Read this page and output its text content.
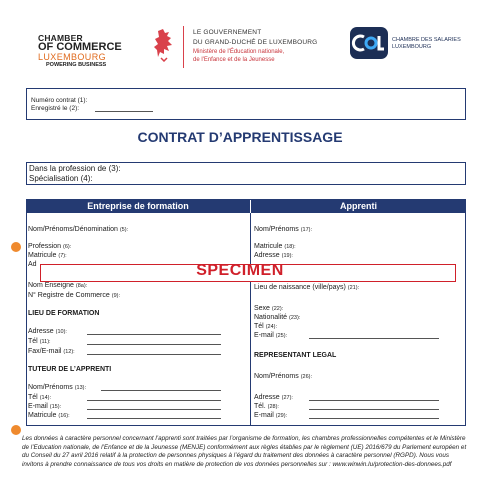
CHAMBER
OF COMMERCE
LUXEMBOURG
POWERING BUSINESS
LE GOUVERNEMENT
DU GRAND-DUCHÉ DE LUXEMBOURG
Ministère de l'Éducation nationale,
de l'Enfance et de la Jeunesse
CHAMBRE DES SALARIES
LUXEMBOURG
Numéro contrat (1):
Enregistré le (2):
CONTRAT D’APPRENTISSAGE
Dans la profession de (3):
Spécialisation (4):
Entreprise de formation	Apprenti
Nom/Prénoms/Dénomination (5):
Profession (6):
Matricule (7):
Ad
Nom Enseigne (8a):
N° Registre de Commerce (9):
LIEU DE FORMATION
Adresse (10):
Tél (11):
Fax/E-mail (12):
TUTEUR DE L’APPRENTI
Nom/Prénoms (13):
Tél (14):
E-mail (15):
Matricule (16):
Nom/Prénoms (17):
Matricule (18):
Adresse (19):
Lieu de naissance (ville/pays) (21):
Sexe (22):
Nationalité (23):
Tél (24):
E-mail (25):
REPRESENTANT LEGAL
Nom/Prénoms (26):
Adresse (27):
Tél. (28):
E-mail (29):
SPECIMEN
Les données à caractère personnel concernant l’apprenti sont traitées par l’organisme de formation, les chambres professionnelles compétentes et le Ministère de l’Education nationale, de l’Enfance et de la Jeunesse (MENJE) conformément aux règles établies par le règlement (UE) 2016/679 du Parlement européen et du Conseil du 27 avril 2016 relatif à la protection de personnes physiques à l’égard du traitement des données à caractère personnel (RGPD). Nous vous invitons à prendre connaissance de tous vos droits en matière de protection de vos données personnelles sur : www.winwin.lu/protection-des-donnees.pdf
